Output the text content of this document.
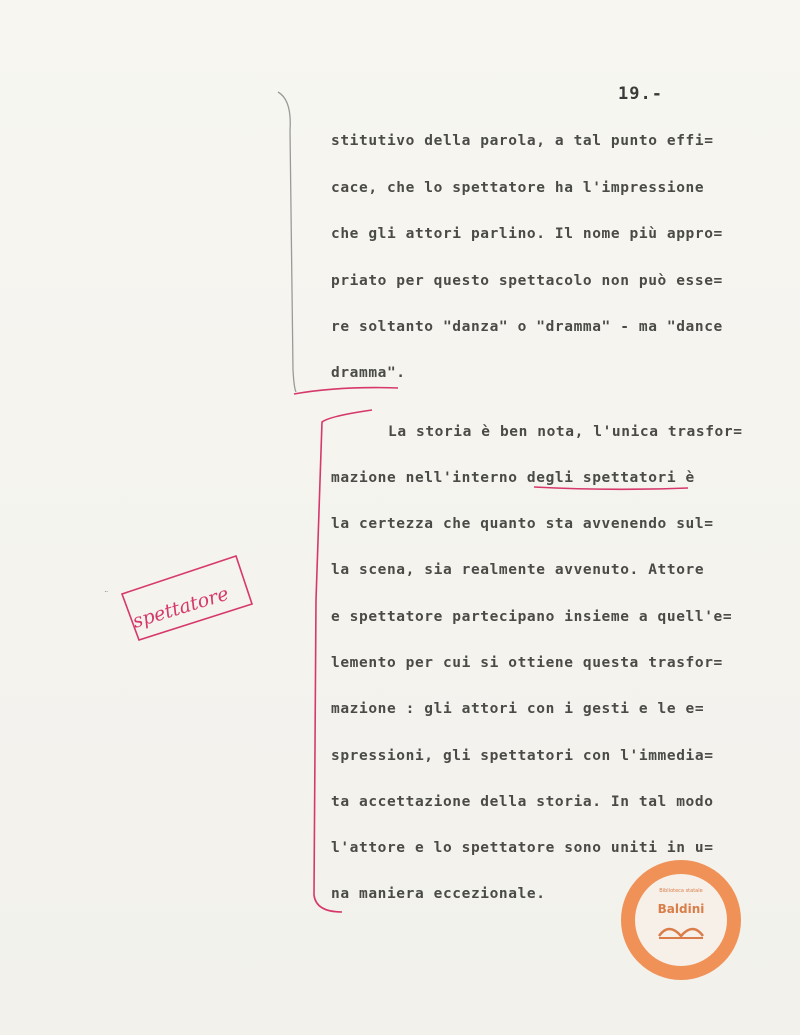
19.-
stitutivo della parola, a tal punto effi=
cace, che lo spettatore ha l'impressione
che gli attori parlino. Il nome più appro=
priato per questo spettacolo non può esse=
re soltanto "danza" o "dramma" - ma "dance
dramma".
La storia è ben nota, l'unica trasfor=
mazione nell'interno degli spettatori è
la certezza che quanto sta avvenendo sul=
la scena, sia realmente avvenuto. Attore
e spettatore partecipano insieme a quell'e=
lemento per cui si ottiene questa trasfor=
mazione : gli attori con i gesti e le e=
spressioni, gli spettatori con l'immedia=
ta accettazione della storia. In tal modo
l'attore e lo spettatore sono uniti in u=
na maniera eccezionale.
spettatore
¨
Biblioteca statale
Baldini
